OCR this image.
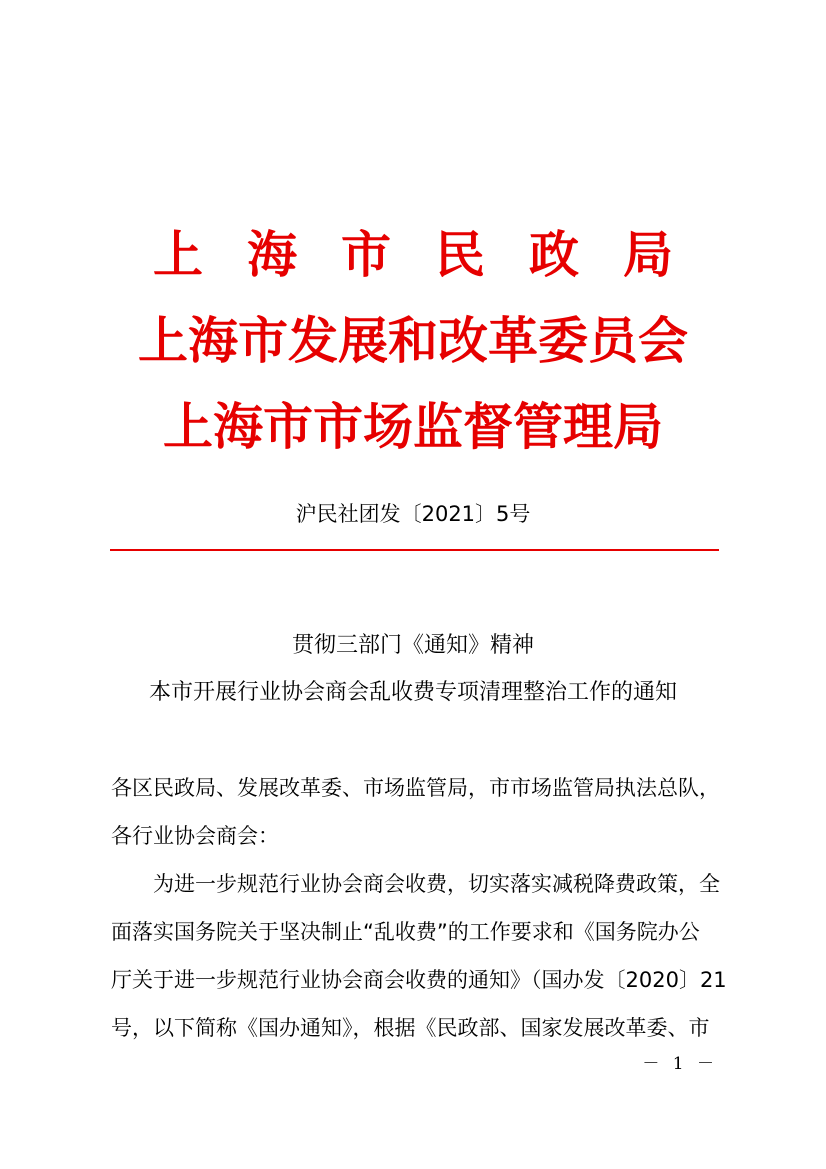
上海市民政局
上海市发展和改革委员会
上海市市场监督管理局
沪民社团发〔2021〕5号
贯彻三部门《通知》精神
本市开展行业协会商会乱收费专项清理整治工作的通知
各区民政局、发展改革委、市场监管局，市市场监管局执法总队，
各行业协会商会：
为进一步规范行业协会商会收费，切实落实减税降费政策，全
面落实国务院关于坚决制止“乱收费”的工作要求和《国务院办公
厅关于进一步规范行业协会商会收费的通知》（国办发〔2020〕21
号，以下简称《国办通知》，根据《民政部、国家发展改革委、市
－ 1 －
